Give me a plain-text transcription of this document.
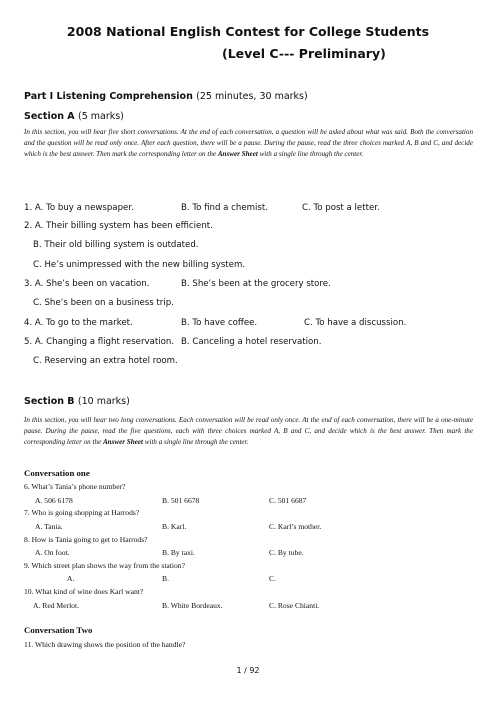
2008 National English Contest for College Students
(Level C--- Preliminary)
Part I Listening Comprehension (25 minutes, 30 marks)
Section A (5 marks)
In this section, you will hear five short conversations. At the end of each conversation, a question will be asked about what was said. Both the conversation and the question will be read only once. After each question, there will be a pause. During the pause, read the three choices marked A, B and C, and decide which is the best answer. Then mark the corresponding letter on the Answer Sheet with a single line through the center.
1. A. To buy a newspaper.	B. To find a chemist.	C. To post a letter.
2. A. Their billing system has been efficient.
B. Their old billing system is outdated.
C. He’s unimpressed with the new billing system.
3. A. She’s been on vacation.	B. She’s been at the grocery store.
C. She’s been on a business trip.
4. A. To go to the market.	B. To have coffee.	C. To have a discussion.
5. A. Changing a flight reservation. B. Canceling a hotel reservation.
C. Reserving an extra hotel room.
Section B (10 marks)
In this section, you will hear two long conversations. Each conversation will be read only once. At the end of each conversation, there will be a one-minute pause. During the pause, read the five questions, each with three choices marked A, B and C, and decide which is the best answer. Then mark the corresponding letter on the Answer Sheet with a single line through the center.
Conversation one
6. What’s Tania’s phone number?
A. 506 6178	B. 501 6678	C. 501 6687
7. Who is going shopping at Harrods?
A. Tania.	B. Karl.	C. Karl’s mother.
8. How is Tania going to get to Harrods?
A. On foot.	B. By taxi.	C. By tube.
9. Which street plan shows the way from the station?
A.	B.	C.
10. What kind of wine does Karl want?
A. Red Merlot.	B. White Bordeaux.	C. Rose Chianti.
Conversation Two
11. Which drawing shows the position of the handle?
1 / 92
